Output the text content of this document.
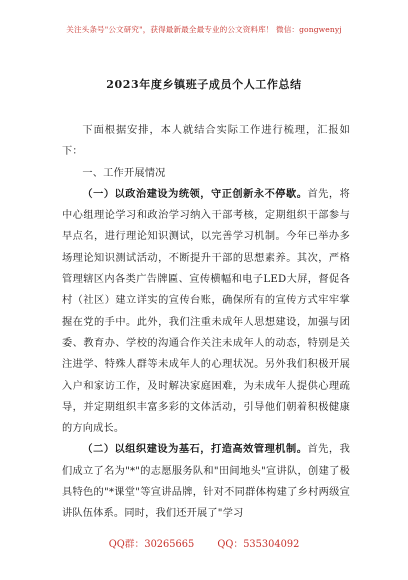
关注头条号"公文研究"，获得最新最全最专业的公文资料库！ 微信：gongwenyj
2023年度乡镇班子成员个人工作总结

下面根据安排，本人就结合实际工作进行梳理，汇报如下：

一、工作开展情况

（一）以政治建设为统领，守正创新永不停歇。首先，将中心组理论学习和政治学习纳入干部考核，定期组织干部参与早点名，进行理论知识测试，以完善学习机制。今年已举办多场理论知识测试活动，不断提升干部的思想素养。其次，严格管理辖区内各类广告牌匾、宣传横幅和电子LED大屏，督促各村（社区）建立详实的宣传台账，确保所有的宣传方式牢牢掌握在党的手中。此外，我们注重未成年人思想建设，加强与团委、教育办、学校的沟通合作关注未成年人的动态，特别是关注进学、特殊人群等未成年人的心理状况。另外我们积极开展入户和家访工作，及时解决家庭困难，为未成年人提供心理疏导，并定期组织丰富多彩的文体活动，引导他们朝着积极健康的方向成长。

（二）以组织建设为基石，打造高效管理机制。首先，我们成立了名为"*"的志愿服务队和"田间地头"宣讲队，创建了极具特色的"*课堂"等宣讲品牌，针对不同群体构建了乡村两级宣讲队伍体系。同时，我们还开展了"学习

QQ群：30265665 QQ：535304092
